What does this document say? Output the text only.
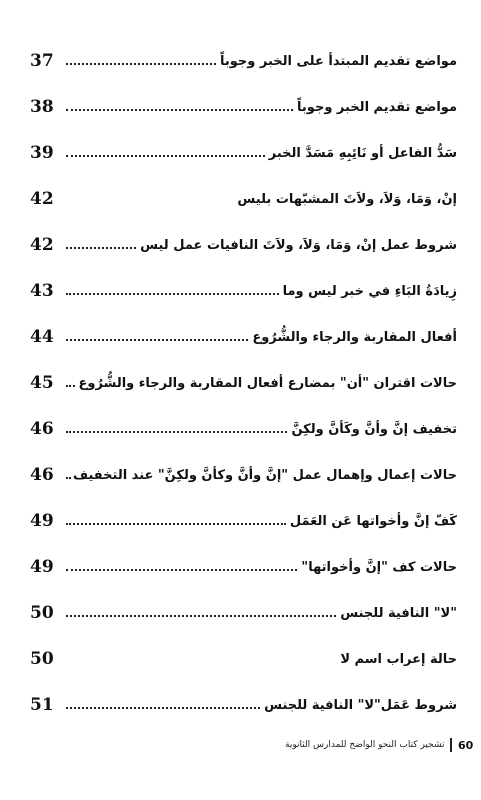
37	مواضع تقديم المبتدأ على الخبر وجوباً
38	مواضع تقديم الخبر وجوباً
39	سَدُّ الفاعل أو نَائِبِهِ مَسَدَّ الخبر
42	إنْ، وَمَا، وَلاَ، ولاَتَ المشبّهات بليس
42	شروط عمل إنْ، وَمَا، وَلاَ، ولاَتَ النافيات عمل ليس
43	زِيادَةُ البَاءِ في خبر ليس وما
44	أفعال المقاربة والرجاء والشُّرُوع
45	حالات اقتران "أن" بمضارع أفعال المقاربة والرجاء والشُّرُوع
46	تخفيف إنَّ وأنَّ وكَأنَّ ولكِنَّ
46	حالات إعمال وإهمال عمل "إنَّ وأنَّ وكأنَّ ولكِنَّ" عند التخفيف
49	كَفّ إنَّ وأخواتها عَن العَمَل
49	حالات كف "إنَّ وأخواتها"
50	"لا" النافية للجنس
50	حالة إعراب اسم لا
51	شروط عَمَل"لا" النافية للجنس
تشجير كتاب النحو الواضح للمدارس الثانوية 60
